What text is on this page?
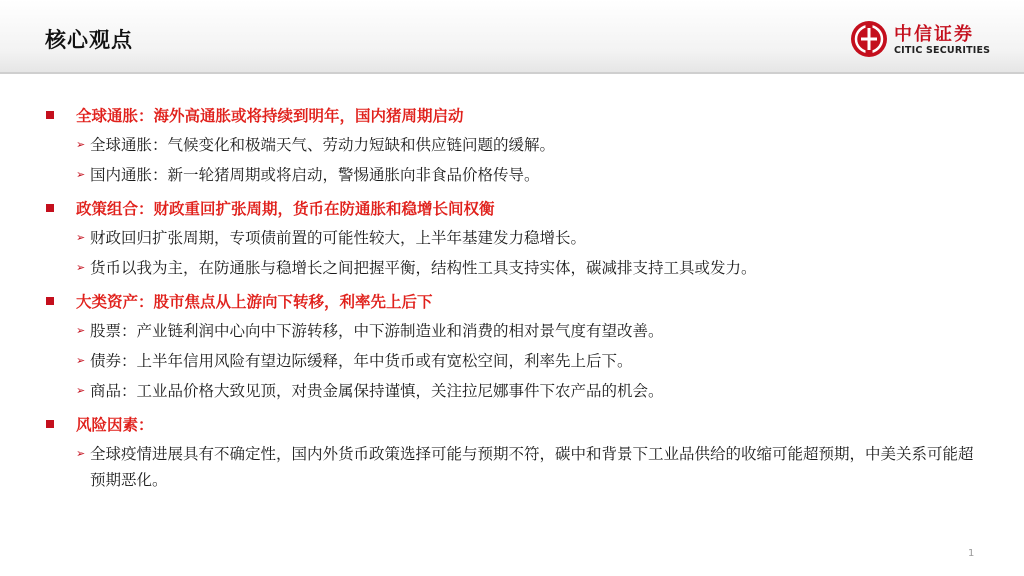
核心观点	中信证券
CITIC SECURITIES
全球通胀：海外高通胀或将持续到明年，国内猪周期启动
➢ 全球通胀：气候变化和极端天气、劳动力短缺和供应链问题的缓解。
➢ 国内通胀：新一轮猪周期或将启动，警惕通胀向非食品价格传导。
政策组合：财政重回扩张周期，货币在防通胀和稳增长间权衡
➢ 财政回归扩张周期，专项债前置的可能性较大，上半年基建发力稳增长。
➢ 货币以我为主，在防通胀与稳增长之间把握平衡，结构性工具支持实体，碳减排支持工具或发力。
大类资产：股市焦点从上游向下转移，利率先上后下
➢ 股票：产业链利润中心向中下游转移，中下游制造业和消费的相对景气度有望改善。
➢ 债券：上半年信用风险有望边际缓释，年中货币或有宽松空间，利率先上后下。
➢ 商品：工业品价格大致见顶，对贵金属保持谨慎，关注拉尼娜事件下农产品的机会。
风险因素：
➢ 全球疫情进展具有不确定性，国内外货币政策选择可能与预期不符，碳中和背景下工业品供给的收缩可能超预期，中美关系可能超预期恶化。
1
